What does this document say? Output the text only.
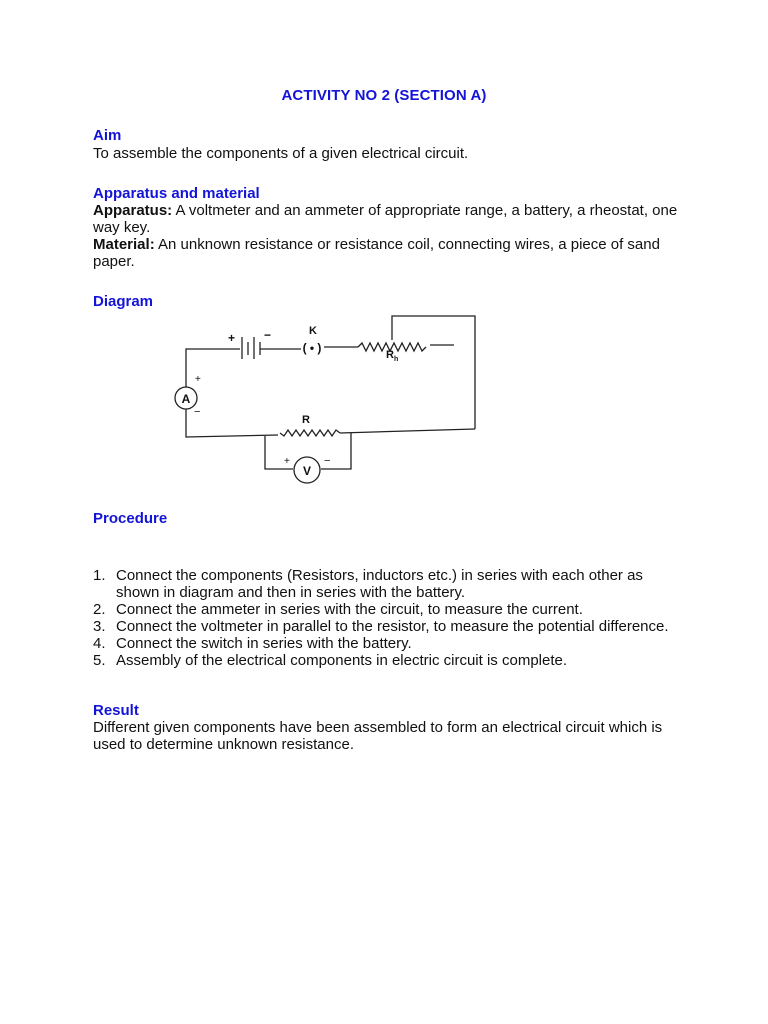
ACTIVITY NO 2 (SECTION A)
Aim
To assemble the components of a given electrical circuit.
Apparatus and material
Apparatus: A voltmeter and an ammeter of appropriate range, a battery, a rheostat, one way key.
Material: An unknown resistance or resistance coil, connecting wires, a piece of sand paper.
Diagram
A
+
−
V
+	−
+ −	K
( • )	$R_h$
R
Procedure
1. Connect the components (Resistors, inductors etc.) in series with each other as shown in diagram and then in series with the battery.
2. Connect the ammeter in series with the circuit, to measure the current.
3. Connect the voltmeter in parallel to the resistor, to measure the potential difference.
4. Connect the switch in series with the battery.
5. Assembly of the electrical components in electric circuit is complete.
Result
Different given components have been assembled to form an electrical circuit which is used to determine unknown resistance.
